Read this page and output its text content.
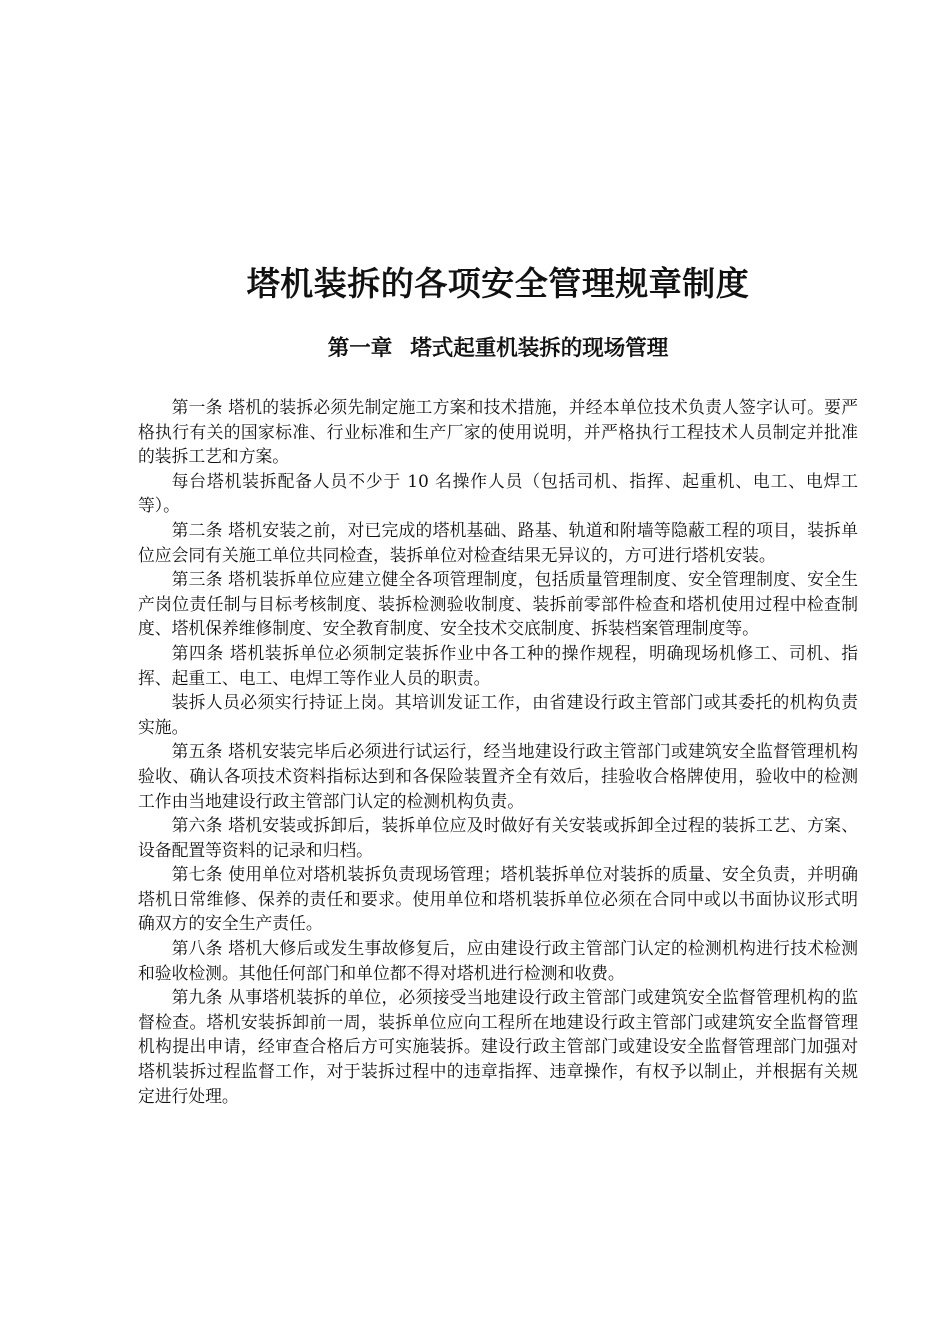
塔机装拆的各项安全管理规章制度
第一章 塔式起重机装拆的现场管理

第一条 塔机的装拆必须先制定施工方案和技术措施，并经本单位技术负责人签字认可。要严格执行有关的国家标准、行业标准和生产厂家的使用说明，并严格执行工程技术人员制定并批准的装拆工艺和方案。

每台塔机装拆配备人员不少于 10 名操作人员（包括司机、指挥、起重机、电工、电焊工等）。

第二条 塔机安装之前，对已完成的塔机基础、路基、轨道和附墙等隐蔽工程的项目，装拆单位应会同有关施工单位共同检查，装拆单位对检查结果无异议的，方可进行塔机安装。

第三条 塔机装拆单位应建立健全各项管理制度，包括质量管理制度、安全管理制度、安全生产岗位责任制与目标考核制度、装拆检测验收制度、装拆前零部件检查和塔机使用过程中检查制度、塔机保养维修制度、安全教育制度、安全技术交底制度、拆装档案管理制度等。

第四条 塔机装拆单位必须制定装拆作业中各工种的操作规程，明确现场机修工、司机、指挥、起重工、电工、电焊工等作业人员的职责。

装拆人员必须实行持证上岗。其培训发证工作，由省建设行政主管部门或其委托的机构负责实施。

第五条 塔机安装完毕后必须进行试运行，经当地建设行政主管部门或建筑安全监督管理机构验收、确认各项技术资料指标达到和各保险装置齐全有效后，挂验收合格牌使用，验收中的检测工作由当地建设行政主管部门认定的检测机构负责。

第六条 塔机安装或拆卸后，装拆单位应及时做好有关安装或拆卸全过程的装拆工艺、方案、设备配置等资料的记录和归档。

第七条 使用单位对塔机装拆负责现场管理；塔机装拆单位对装拆的质量、安全负责，并明确塔机日常维修、保养的责任和要求。使用单位和塔机装拆单位必须在合同中或以书面协议形式明确双方的安全生产责任。

第八条 塔机大修后或发生事故修复后，应由建设行政主管部门认定的检测机构进行技术检测和验收检测。其他任何部门和单位都不得对塔机进行检测和收费。

第九条 从事塔机装拆的单位，必须接受当地建设行政主管部门或建筑安全监督管理机构的监督检查。塔机安装拆卸前一周，装拆单位应向工程所在地建设行政主管部门或建筑安全监督管理机构提出申请，经审查合格后方可实施装拆。建设行政主管部门或建设安全监督管理部门加强对塔机装拆过程监督工作，对于装拆过程中的违章指挥、违章操作，有权予以制止，并根据有关规定进行处理。
